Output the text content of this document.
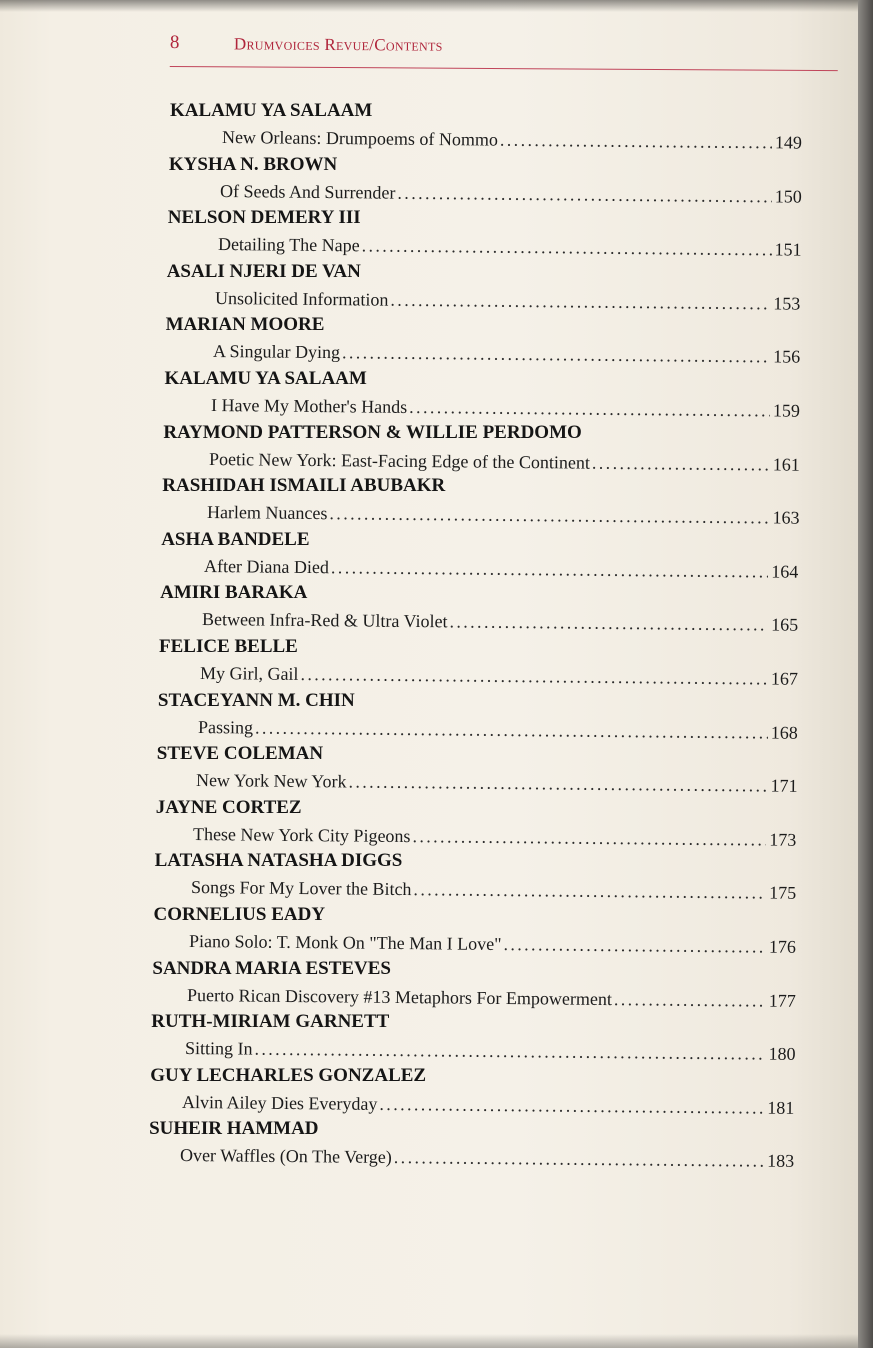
8	Drumvoices Revue/Contents
KALAMU YA SALAAM
New Orleans: Drumpoems of Nommo .....	149
KYSHA N. BROWN
Of Seeds And Surrender .....	150
NELSON DEMERY III
Detailing The Nape .....	151
ASALI NJERI DE VAN
Unsolicited Information .....	153
MARIAN MOORE
A Singular Dying .....	156
KALAMU YA SALAAM
I Have My Mother's Hands .....	159
RAYMOND PATTERSON & WILLIE PERDOMO
Poetic New York: East-Facing Edge of the Continent .....	161
RASHIDAH ISMAILI ABUBAKR
Harlem Nuances .....	163
ASHA BANDELE
After Diana Died .....	164
AMIRI BARAKA
Between Infra-Red & Ultra Violet .....	165
FELICE BELLE
My Girl, Gail .....	167
STACEYANN M. CHIN
Passing .....	168
STEVE COLEMAN
New York New York .....	171
JAYNE CORTEZ
These New York City Pigeons .....	173
LATASHA NATASHA DIGGS
Songs For My Lover the Bitch .....	175
CORNELIUS EADY
Piano Solo: T. Monk On "The Man I Love" .....	176
SANDRA MARIA ESTEVES
Puerto Rican Discovery #13 Metaphors For Empowerment .....	177
RUTH-MIRIAM GARNETT
Sitting In .....	180
GUY LECHARLES GONZALEZ
Alvin Ailey Dies Everyday .....	181
SUHEIR HAMMAD
Over Waffles (On The Verge) .....	183
